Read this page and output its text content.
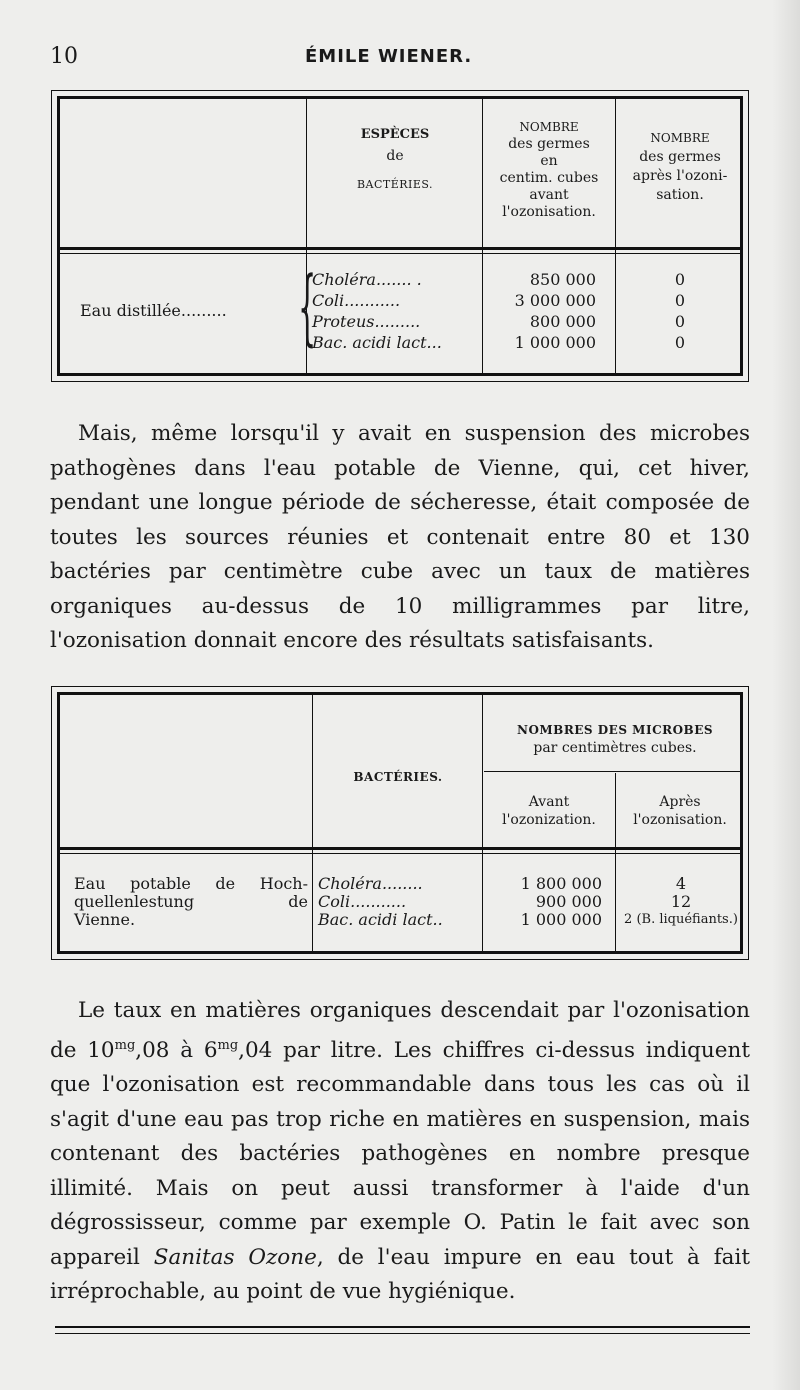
10	ÉMILE WIENER.
ESPÈCES
de
BACTÉRIES.
NOMBRE
des germes
en
centim. cubes
avant
l'ozonisation.
NOMBRE
des germes
après l'ozoni-
sation.
Eau distillée......... {
Choléra....... .
Coli...........
Proteus.........
Bac. acidi lact...
850 000
3 000 000
800 000
1 000 000
0
0
0
0

Mais, même lorsqu'il y avait en suspension des microbes pathogènes dans l'eau potable de Vienne, qui, cet hiver, pendant une longue période de sécheresse, était composée de toutes les sources réunies et contenait entre 80 et 130 bactéries par centimètre cube avec un taux de matières organiques au-dessus de 10 milligrammes par litre, l'ozonisation donnait encore des résultats satisfaisants.

BACTÉRIES.
NOMBRES DES MICROBES
par centimètres cubes.
Avant
l'ozonization.
Après
l'ozonisation.
Eau potable de Hoch-
quellenlestung de
Vienne.
Choléra........
Coli...........
Bac. acidi lact..
1 800 000
900 000
1 000 000
4
12
2 (B. liquéfiants.)

Le taux en matières organiques descendait par l'ozonisation de $10^{mg},08$ à $6^{mg},04$ par litre. Les chiffres ci-dessus indiquent que l'ozonisation est recommandable dans tous les cas où il s'agit d'une eau pas trop riche en matières en suspension, mais contenant des bactéries pathogènes en nombre presque illimité. Mais on peut aussi transformer à l'aide d'un dégrossisseur, comme par exemple O. Patin le fait avec son appareil Sanitas Ozone, de l'eau impure en eau tout à fait irréprochable, au point de vue hygiénique.
